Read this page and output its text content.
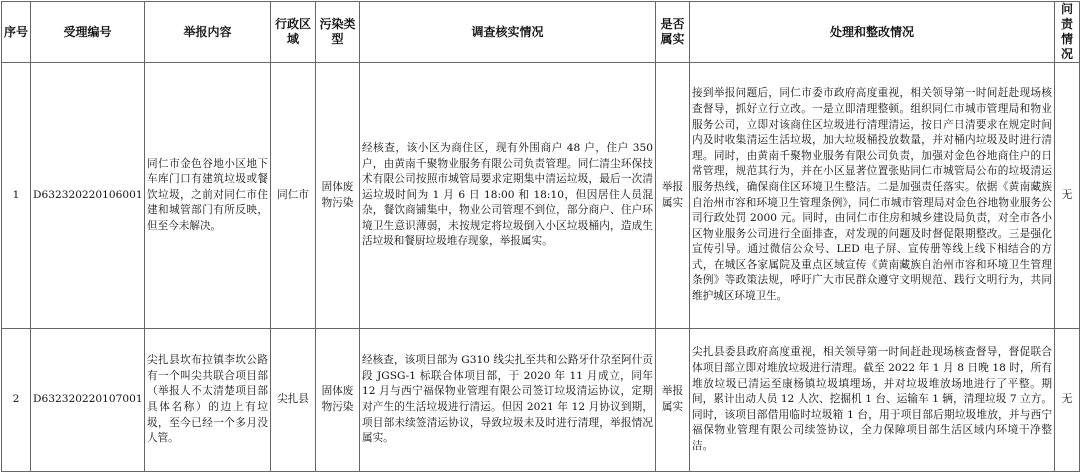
序号	受理编号	举报内容	行政区域	污染类型	调查核实情况	是否属实	处理和整改情况	问责情况
1	D632320220106001	同仁市金色谷地小区地下车库门口有建筑垃圾或餐饮垃圾，之前对同仁市住建和城管部门有所反映，但至今未解决。	同仁市	固体废物污染	经核查，该小区为商住区，现有外围商户 48 户，住户 350 户，由黄南千聚物业服务有限公司负责管理。同仁清尘环保技术有限公司按照市城管局要求定期集中清运垃圾，最后一次清运垃圾时间为 1 月 6 日 18:00 和 18:10，但因居住人员混杂，餐饮商铺集中，物业公司管理不到位，部分商户、住户环境卫生意识薄弱，未按规定将垃圾倒入小区垃圾桶内，造成生活垃圾和餐厨垃圾堆存现象，举报属实。	举报属实	接到举报问题后，同仁市委市政府高度重视，相关领导第一时间赶赴现场核查督导，抓好立行立改。一是立即清理整顿。组织同仁市城市管理局和物业服务公司，立即对该商住区垃圾进行清理清运，按日产日清要求在规定时间内及时收集清运生活垃圾，加大垃圾桶投放数量，并对桶内垃圾及时进行清理。同时，由黄南千聚物业服务有限公司负责，加强对金色谷地商住户的日常管理，规范其行为，并在小区显著位置张贴同仁市城管局公布的垃圾清运服务热线，确保商住区环境卫生整洁。二是加强责任落实。依据《黄南藏族自治州市容和环境卫生管理条例》，同仁市城市管理局对金色谷地物业服务公司行政处罚 2000 元。同时，由同仁市住房和城乡建设局负责，对全市各小区物业服务公司进行全面排查，对发现的问题及时督促限期整改。三是强化宣传引导。通过微信公众号、LED 电子屏、宣传册等线上线下相结合的方式，在城区各家属院及重点区域宣传《黄南藏族自治州市容和环境卫生管理条例》等政策法规，呼吁广大市民群众遵守文明规范、践行文明行为，共同维护城区环境卫生。	无
2	D632320220107001	尖扎县坎布拉镇李坎公路有一个叫尖共联合项目部（举报人不太清楚项目部具体名称）的边上有垃圾，至今已经一个多月没人管。	尖扎县	固体废物污染	经核查，该项目部为 G310 线尖扎至共和公路牙什尕至阿什贡段 JGSG-1 标联合体项目部，于 2020 年 11 月成立，同年 12 月与西宁福保物业管理有限公司签订垃圾清运协议，定期对产生的生活垃圾进行清运。但因 2021 年 12 月协议到期，项目部未续签清运协议，导致垃圾未及时进行清理，举报情况属实。	举报属实	尖扎县委县政府高度重视，相关领导第一时间赶赴现场核查督导，督促联合体项目部立即对堆放垃圾进行清理。截至 2022 年 1 月 8 日晚 18 时，所有堆放垃圾已清运至康杨镇垃圾填埋场，并对垃圾堆放场地进行了平整。期间，累计出动人员 12 人次、挖掘机 1 台、运输车 1 辆，清理垃圾 7 立方。同时，该项目部借用临时垃圾箱 1 台，用于项目部后期垃圾堆放，并与西宁福保物业管理有限公司续签协议，全力保障项目部生活区域内环境干净整洁。	无
